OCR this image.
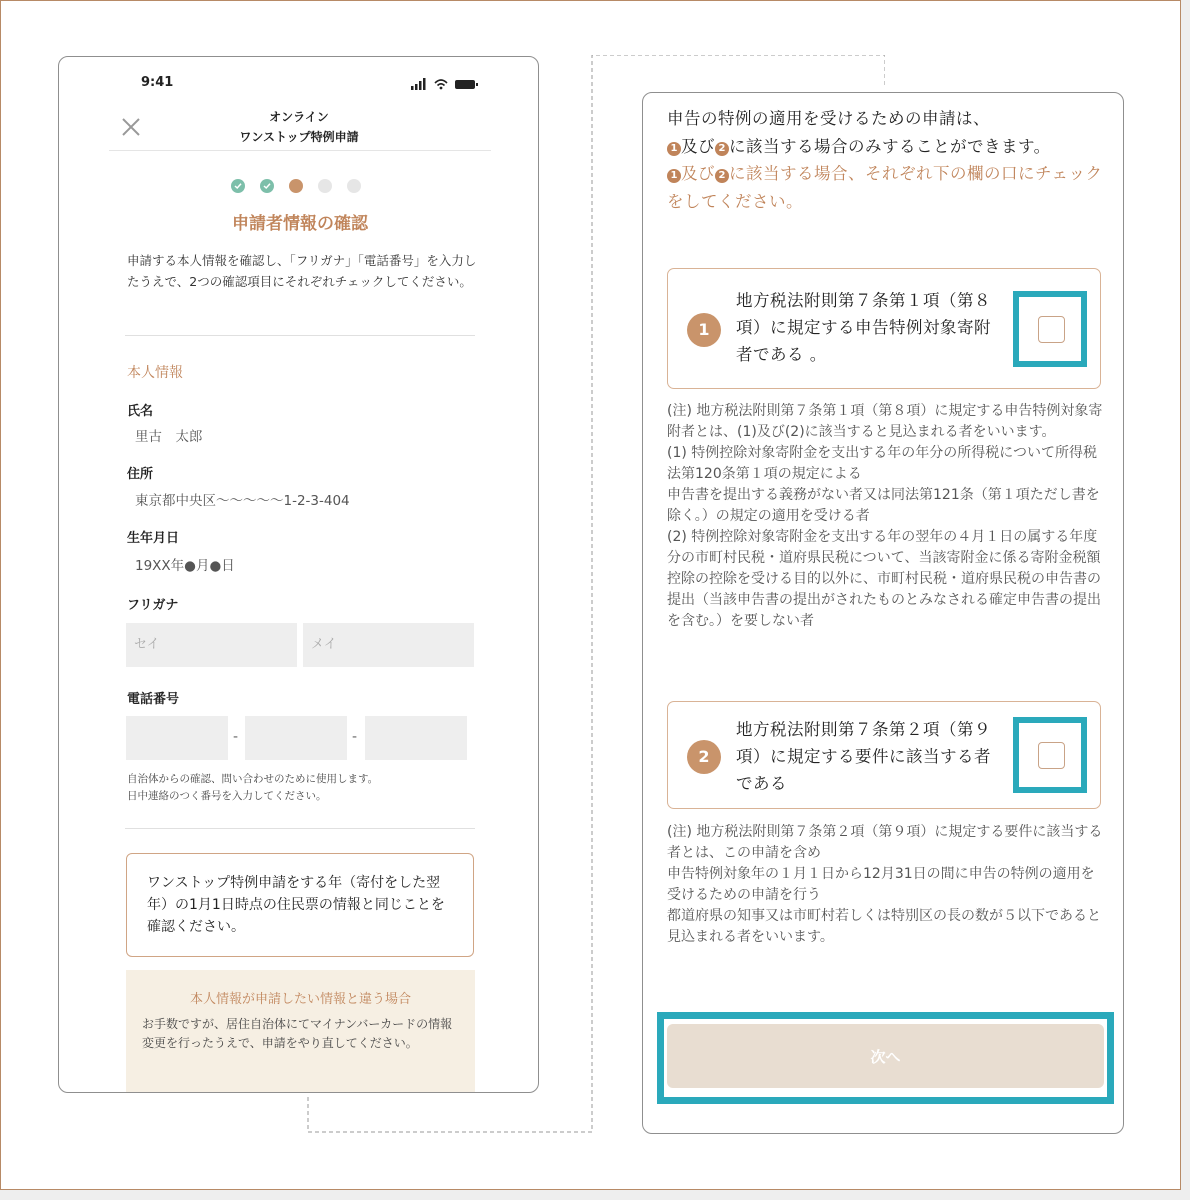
9:41
オンライン
ワンストップ特例申請
申請者情報の確認
申請する本人情報を確認し、「フリガナ」「電話番号」を入力したうえで、2つの確認項目にそれぞれチェックしてください。
本人情報
氏名
里古　太郎
住所
東京都中央区〜〜〜〜〜1-2-3-404
生年月日
19XX年●月●日
フリガナ
セイ	メイ
電話番号
-	-
自治体からの確認、問い合わせのために使用します。
日中連絡のつく番号を入力してください。
ワンストップ特例申請をする年（寄付をした翌年）の1月1日時点の住民票の情報と同じことを確認ください。
本人情報が申請したい情報と違う場合
お手数ですが、居住自治体にてマイナンバーカードの情報変更を行ったうえで、申請をやり直してください。
申告の特例の適用を受けるための申請は、
1 及び 2 に該当する場合のみすることができます。
1 及び 2 に該当する場合、それぞれ下の欄の口にチェックをしてください。
1
地方税法附則第７条第１項（第８項）に規定する申告特例対象寄附者である 。
(注) 地方税法附則第７条第１項（第８項）に規定する申告特例対象寄附者とは、(1)及び(2)に該当すると見込まれる者をいいます。
(1) 特例控除対象寄附金を支出する年の年分の所得税について所得税法第120条第１項の規定による
申告書を提出する義務がない者又は同法第121条（第１項ただし書を除く。）の規定の適用を受ける者
(2) 特例控除対象寄附金を支出する年の翌年の４月１日の属する年度分の市町村民税・道府県民税について、当該寄附金に係る寄附金税額控除の控除を受ける目的以外に、市町村民税・道府県民税の申告書の提出（当該申告書の提出がされたものとみなされる確定申告書の提出を含む。）を要しない者
2
地方税法附則第７条第２項（第９項）に規定する要件に該当する者である
(注) 地方税法附則第７条第２項（第９項）に規定する要件に該当する者とは、この申請を含め
申告特例対象年の１月１日から12月31日の間に申告の特例の適用を受けるための申請を行う
都道府県の知事又は市町村若しくは特別区の長の数が５以下であると見込まれる者をいいます。
次へ
